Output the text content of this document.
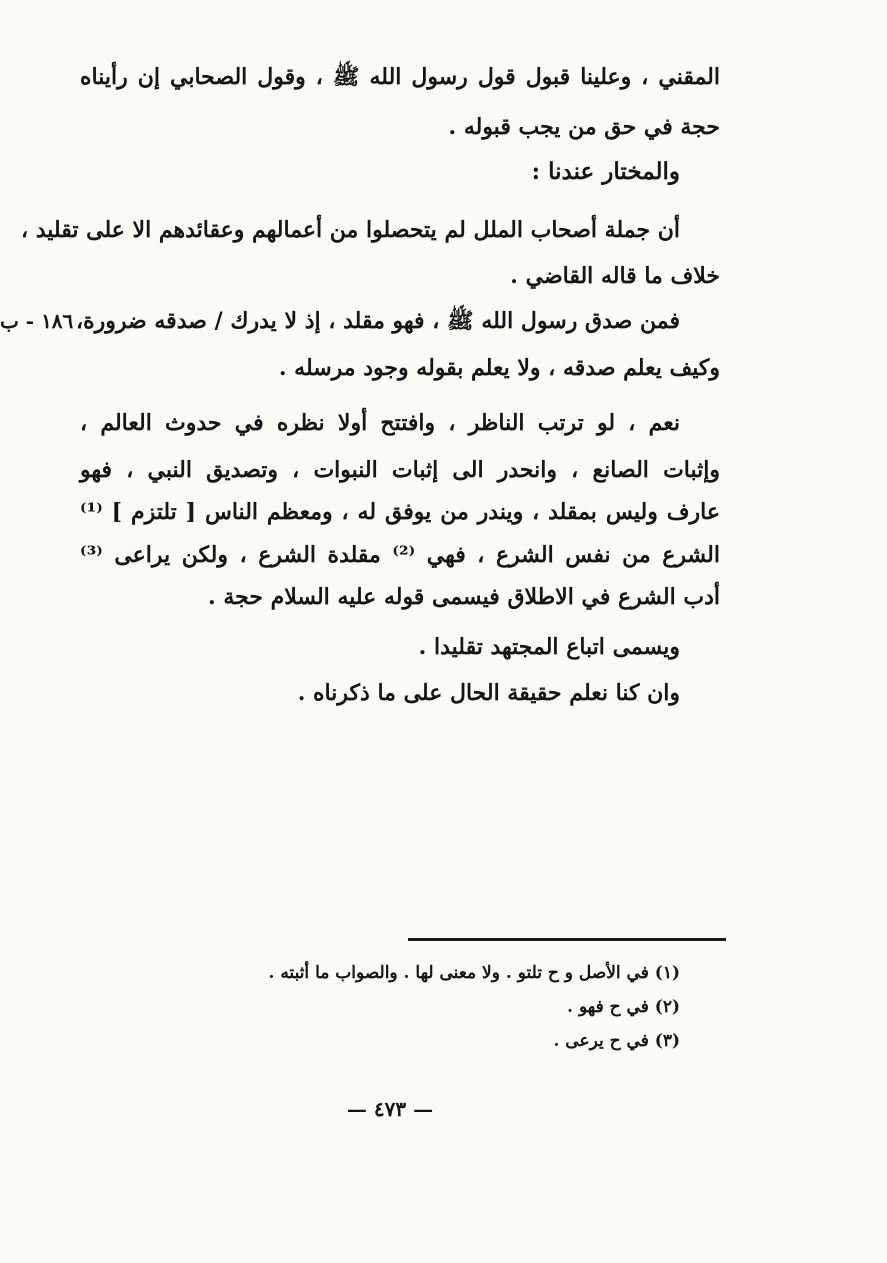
المقني ، وعلينا قبول قول رسول الله ﷺ ، وقول الصحابي إن رأيناه
حجة في حق من يجب قبوله .
والمختار عندنا :
أن جملة أصحاب الملل لم يتحصلوا من أعمالهم وعقائدهم الا على تقليد ،
خلاف ما قاله القاضي .
فمن صدق رسول الله ﷺ ، فهو مقلد ، إذ لا يدرك / صدقه ضرورة،
١٨٦ - ب
وكيف يعلم صدقه ، ولا يعلم بقوله وجود مرسله .
نعم ، لو ترتب الناظر ، وافتتح أولا نظره في حدوث العالم ،
وإثبات الصانع ، وانحدر الى إثبات النبوات ، وتصديق النبي ، فهو
عارف وليس بمقلد ، ويندر من يوفق له ، ومعظم الناس [ تلتزم ] ⁽¹⁾
الشرع من نفس الشرع ، فهي ⁽²⁾ مقلدة الشرع ، ولكن يراعى ⁽³⁾
أدب الشرع في الاطلاق فيسمى قوله عليه السلام حجة .
ويسمى اتباع المجتهد تقليدا .
وان كنا نعلم حقيقة الحال على ما ذكرناه .
(١) في الأصل و ح تلتو . ولا معنى لها . والصواب ما أثبته .
(٢) في ح فهو .
(٣) في ح يرعى .
— ٤٧٣ —
